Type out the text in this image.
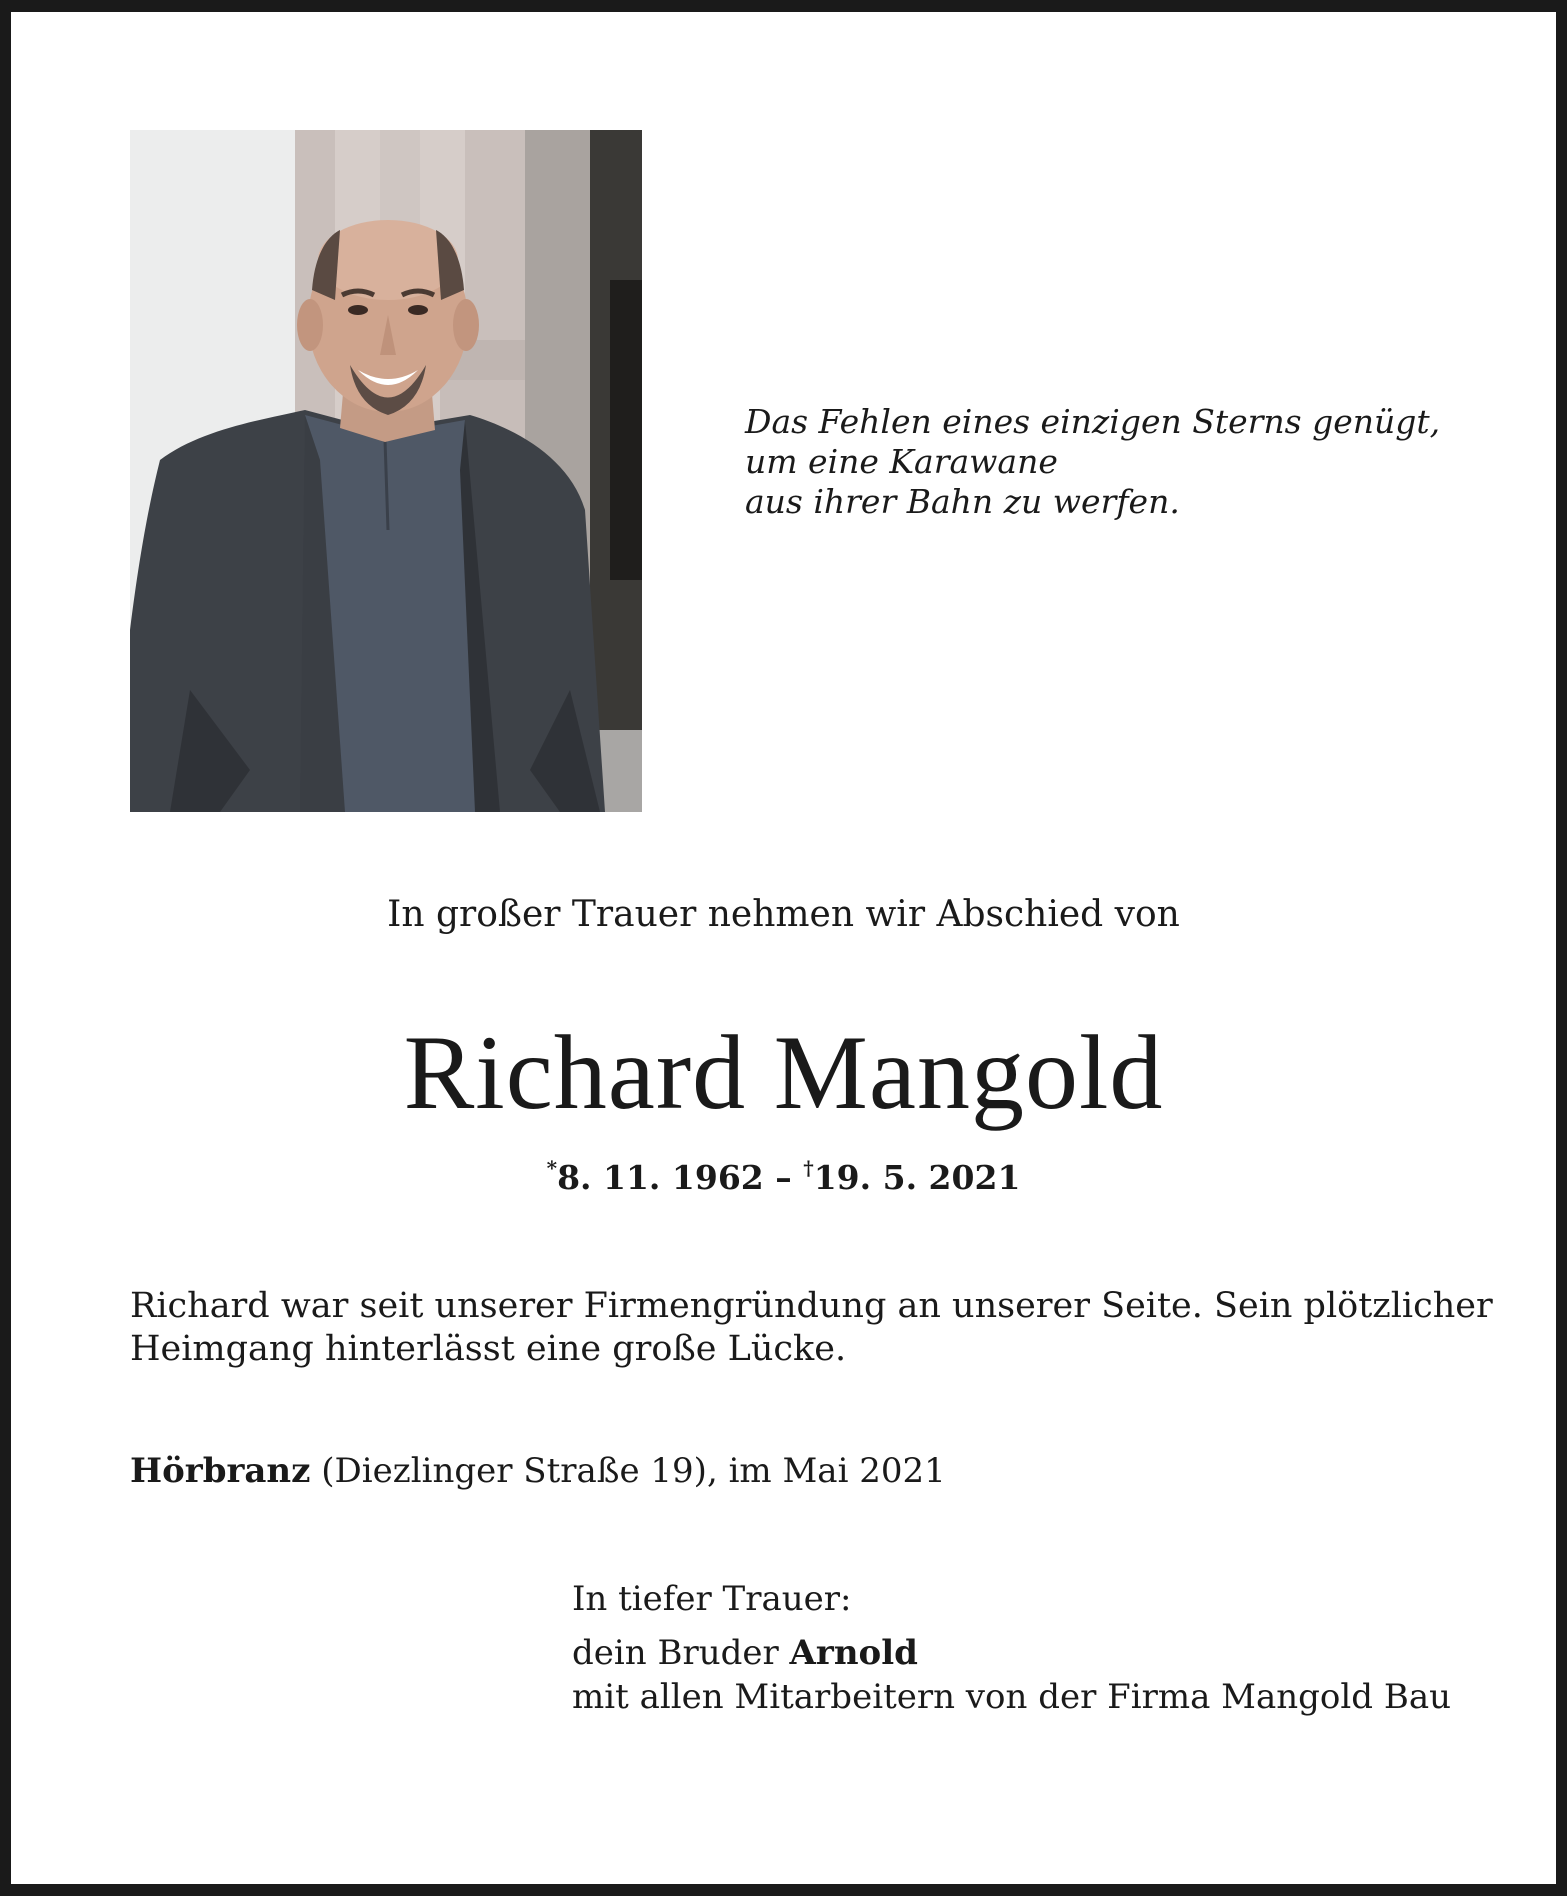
Das Fehlen eines einzigen Sterns genügt,
um eine Karawane
aus ihrer Bahn zu werfen.
In großer Trauer nehmen wir Abschied von
Richard Mangold
*8. 11. 1962 – †19. 5. 2021
Richard war seit unserer Firmengründung an unserer Seite. Sein plötzlicher
Heimgang hinterlässt eine große Lücke.
Hörbranz (Diezlinger Straße 19), im Mai 2021
In tiefer Trauer:
dein Bruder Arnold
mit allen Mitarbeitern von der Firma Mangold Bau
